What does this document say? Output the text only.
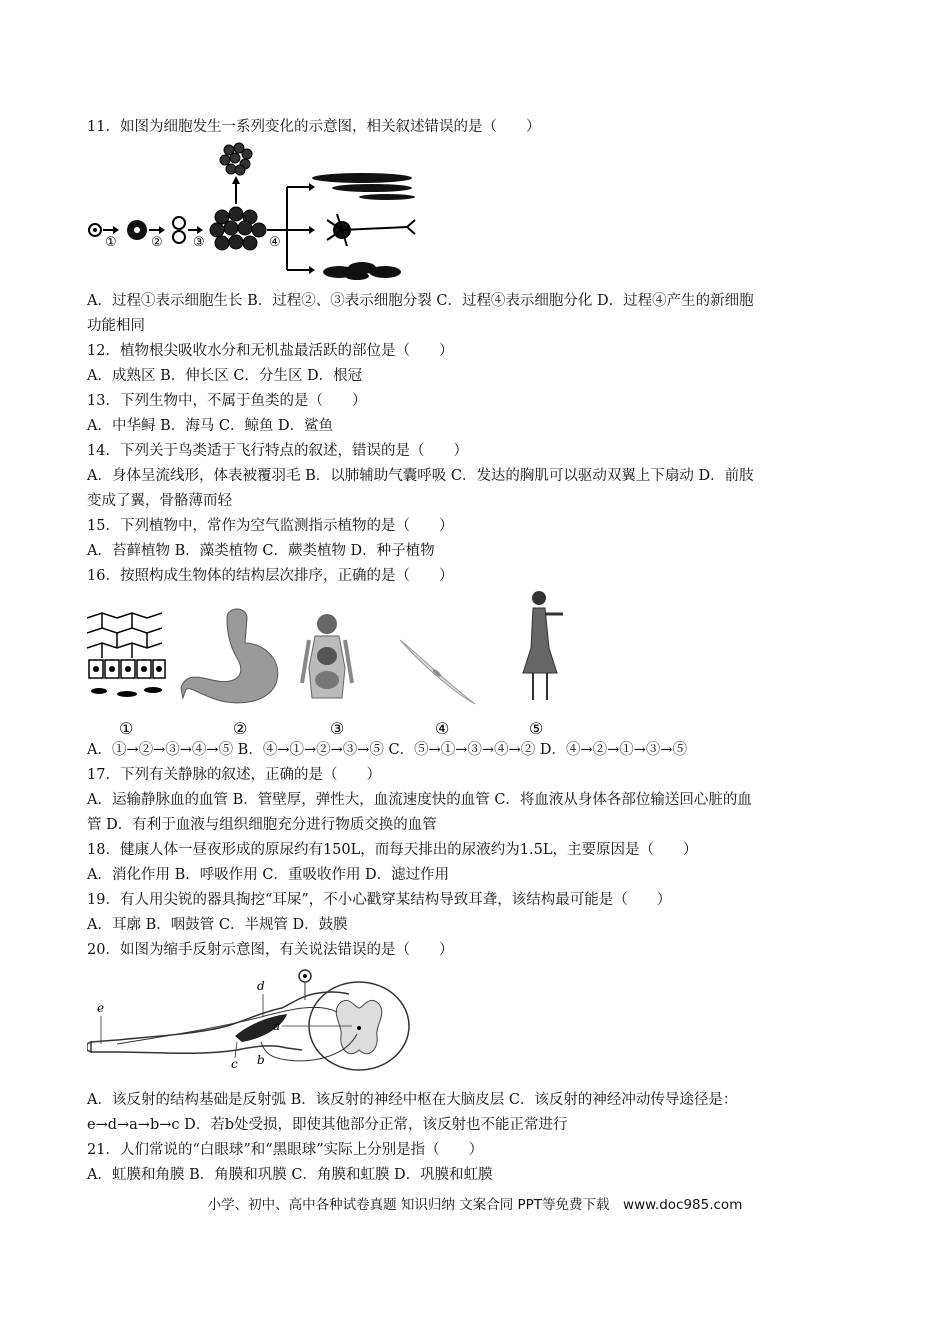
11．如图为细胞发生一系列变化的示意图，相关叙述错误的是（　　）
①	② ③	④
A．过程①表示细胞生长 B．过程②、③表示细胞分裂 C．过程④表示细胞分化 D．过程④产生的新细胞
功能相同
12．植物根尖吸收水分和无机盐最活跃的部位是（　　）
A．成熟区 B．伸长区 C．分生区 D．根冠
13．下列生物中，不属于鱼类的是（　　）
A．中华鲟 B．海马 C．鲸鱼 D．鲨鱼
14．下列关于鸟类适于飞行特点的叙述，错误的是（　　）
A．身体呈流线形，体表被覆羽毛 B．以肺辅助气囊呼吸 C．发达的胸肌可以驱动双翼上下扇动 D．前肢
变成了翼，骨骼薄而轻
15．下列植物中，常作为空气监测指示植物的是（　　）
A．苔藓植物 B．藻类植物 C．蕨类植物 D．种子植物
16．按照构成生物体的结构层次排序，正确的是（　　）
①	②	③	④	⑤
A．①→②→③→④→⑤ B．④→①→②→③→⑤ C．⑤→①→③→④→② D．④→②→①→③→⑤
17．下列有关静脉的叙述，正确的是（　　）
A．运输静脉血的血管 B．管壁厚，弹性大，血流速度快的血管 C．将血液从身体各部位输送回心脏的血
管 D．有利于血液与组织细胞充分进行物质交换的血管
18．健康人体一昼夜形成的原尿约有150L，而每天排出的尿液约为1.5L，主要原因是（　　）
A．消化作用 B．呼吸作用 C．重吸收作用 D．滤过作用
19．有人用尖锐的器具掏挖“耳屎”，不小心戳穿某结构导致耳聋，该结构最可能是（　　）
A．耳廓 B．咽鼓管 C．半规管 D．鼓膜
20．如图为缩手反射示意图，有关说法错误的是（　　）
e
d
a
b
c
A．该反射的结构基础是反射弧 B．该反射的神经中枢在大脑皮层 C．该反射的神经冲动传导途径是：
e→d→a→b→c D．若b处受损，即使其他部分正常，该反射也不能正常进行
21．人们常说的“白眼球”和“黑眼球”实际上分别是指（　　）
A．虹膜和角膜 B．角膜和巩膜 C．角膜和虹膜 D．巩膜和虹膜
小学、初中、高中各种试卷真题 知识归纳 文案合同 PPT等免费下载　www.doc985.com
